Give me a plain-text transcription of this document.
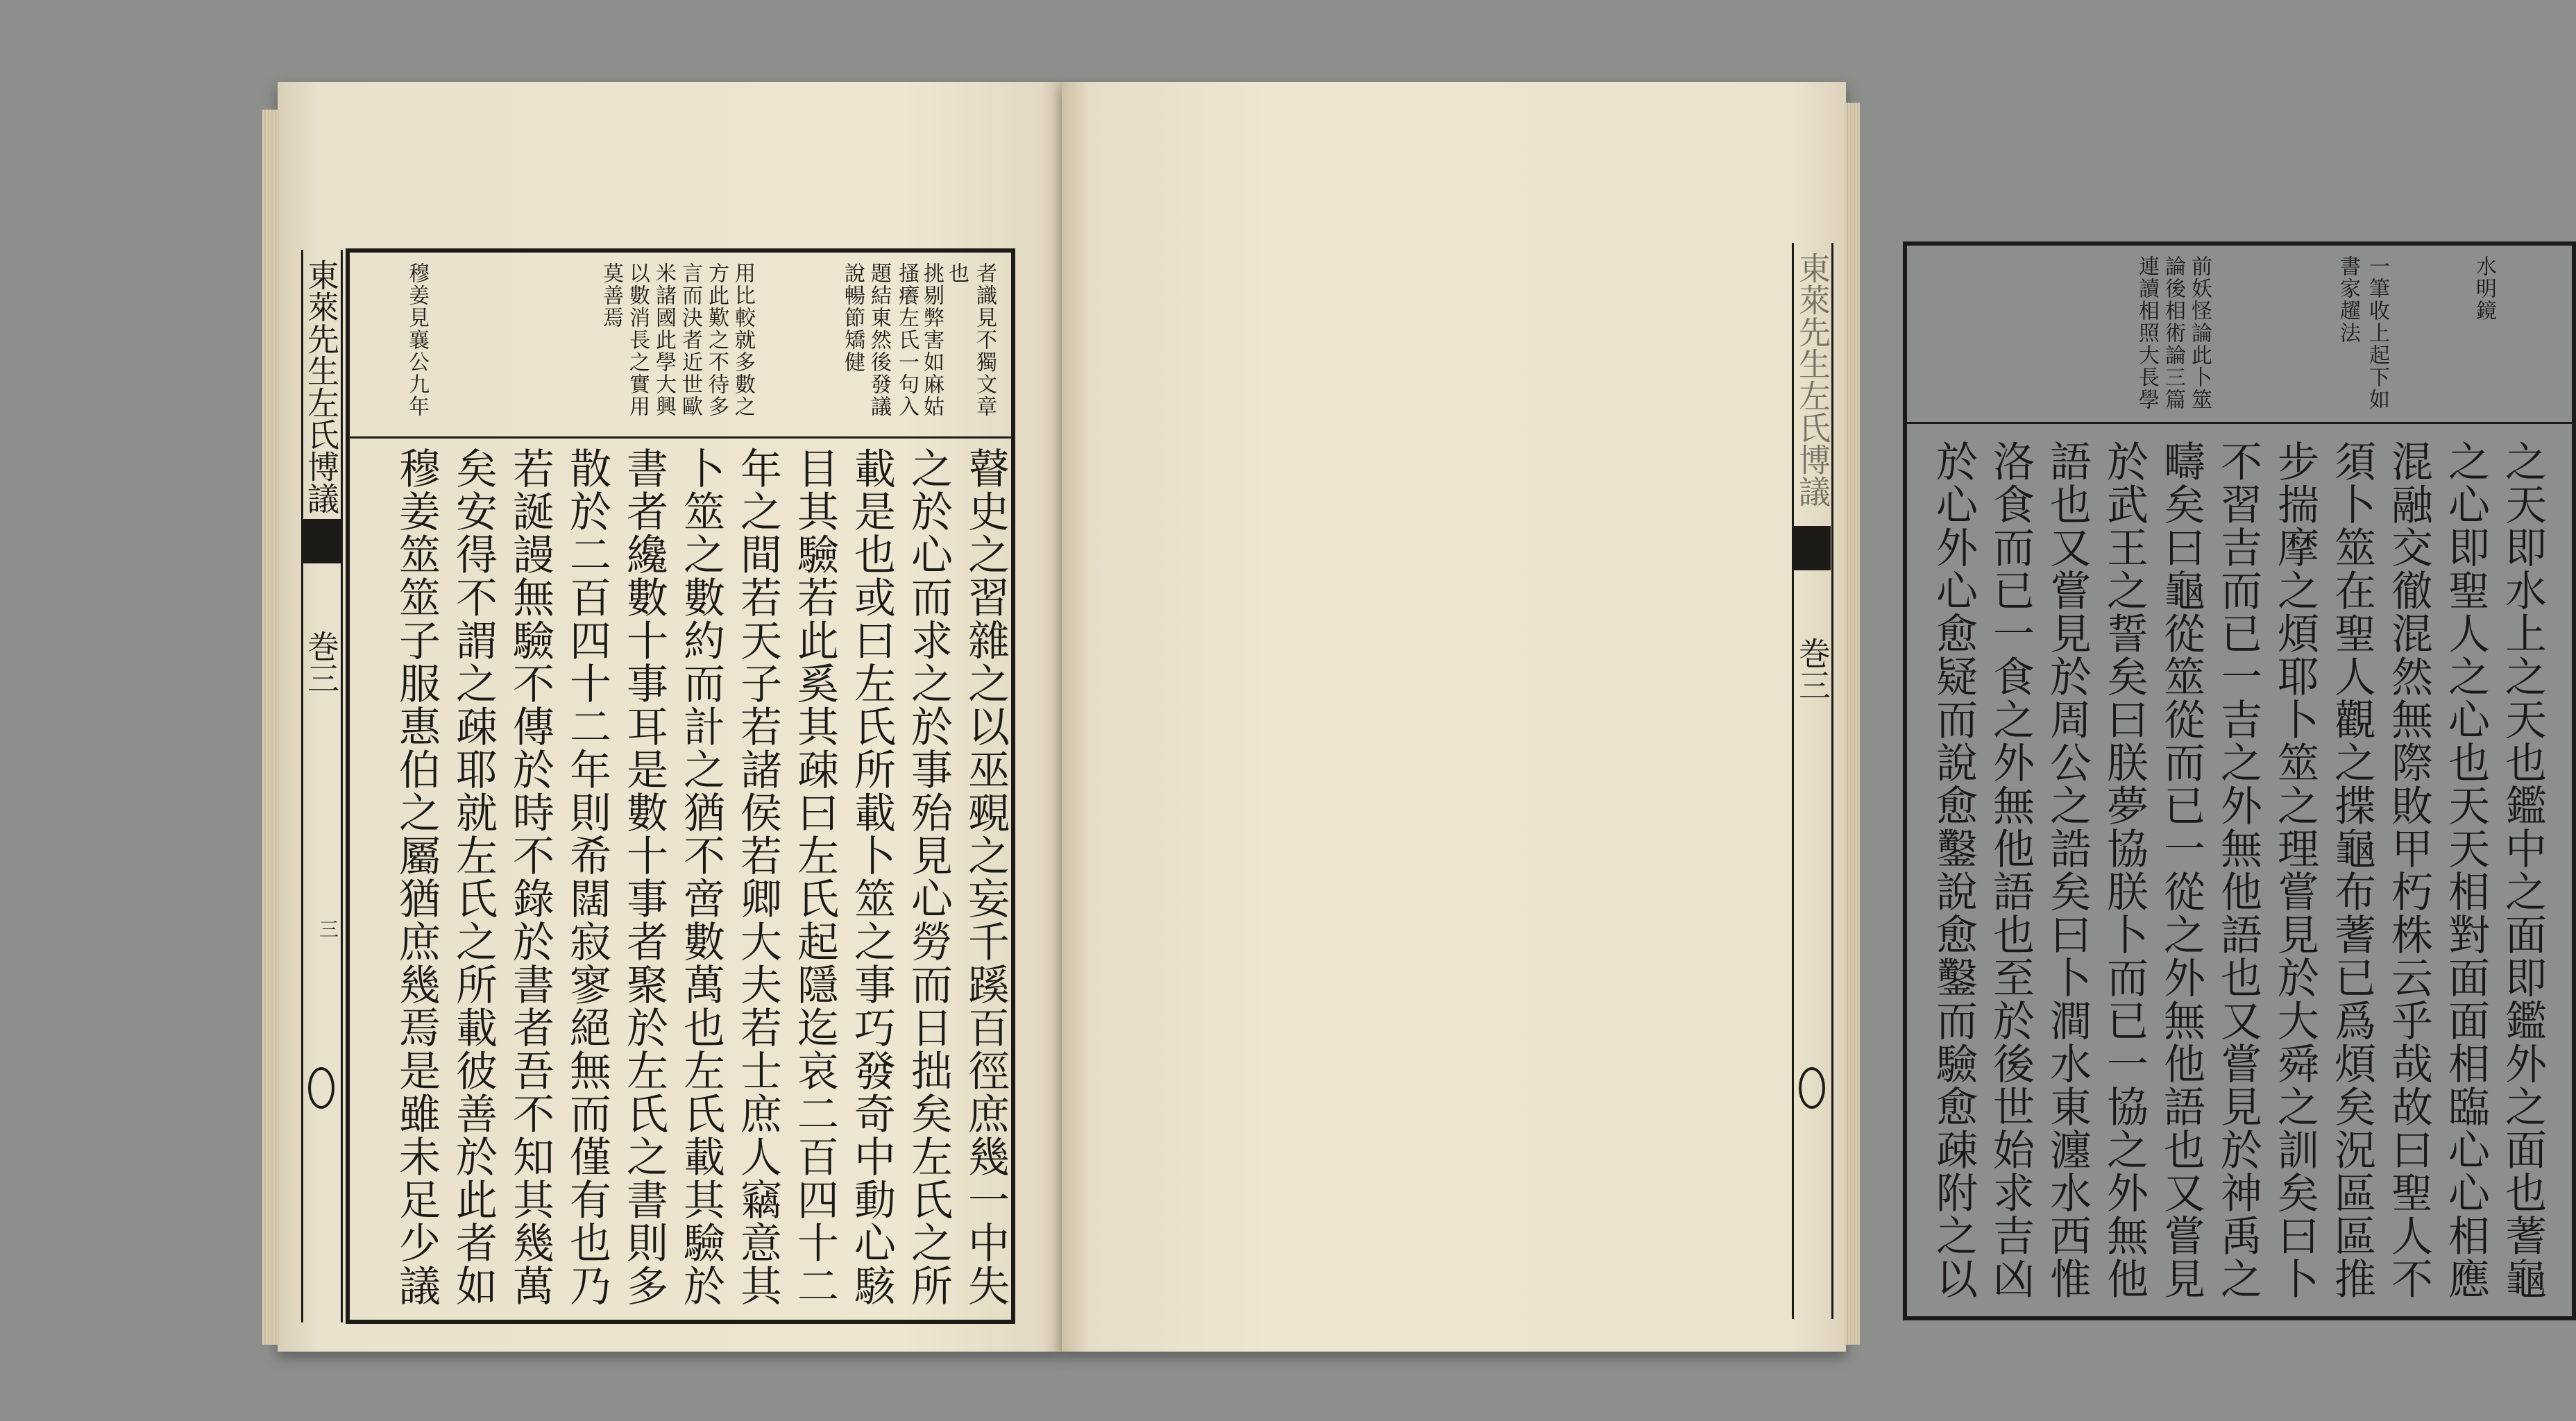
者識見不獨文章
也
挑剔弊害如麻姑
搔癢左氏一句入
題結東然後發議
說暢節矯健
用比較就多數之
方此歎之不待多
言而決者近世歐
米諸國此學大興
以數消長之實用
莫善焉
穆姜見襄公九年
瞽史之習雜之以巫覡之妄千蹊百徑庶幾一中失
之於心而求之於事殆見心勞而日拙矣左氏之所
載是也或曰左氏所載卜筮之事巧發奇中動心駭
目其驗若此奚其疎曰左氏起隱迄哀二百四十二
年之間若天子若諸侯若卿大夫若士庶人竊意其
卜筮之數約而計之猶不啻數萬也左氏載其驗於
書者纔數十事耳是數十事者聚於左氏之書則多
散於二百四十二年則希闊寂寥絕無而僅有也乃
若誕謾無驗不傳於時不錄於書者吾不知其幾萬
矣安得不謂之疎耶就左氏之所載彼善於此者如
穆姜筮筮子服惠伯之屬猶庶幾焉是雖未足少議
東萊先生左氏博議
巻三
三
水明鏡
一筆收上起下如
書家趯法
前妖怪論此卜筮
論後相術論三篇
連讀相照大長學
之天即水上之天也鑑中之面即鑑外之面也蓍龜
之心即聖人之心也天天相對面面相臨心心相應
混融交徹混然無際敗甲朽株云乎哉故曰聖人不
須卜筮在聖人觀之揲龜布蓍已爲煩矣況區區推
步揣摩之煩耶卜筮之理嘗見於大舜之訓矣曰卜
不習吉而已一吉之外無他語也又嘗見於神禹之
疇矣曰龜從筮從而已一從之外無他語也又嘗見
於武王之誓矣曰朕夢協朕卜而已一協之外無他
語也又嘗見於周公之誥矣曰卜澗水東瀍水西惟
洛食而已一食之外無他語也至於後世始求吉凶
於心外心愈疑而說愈鑿說愈鑿而驗愈疎附之以
東萊先生左氏博議
巻三
